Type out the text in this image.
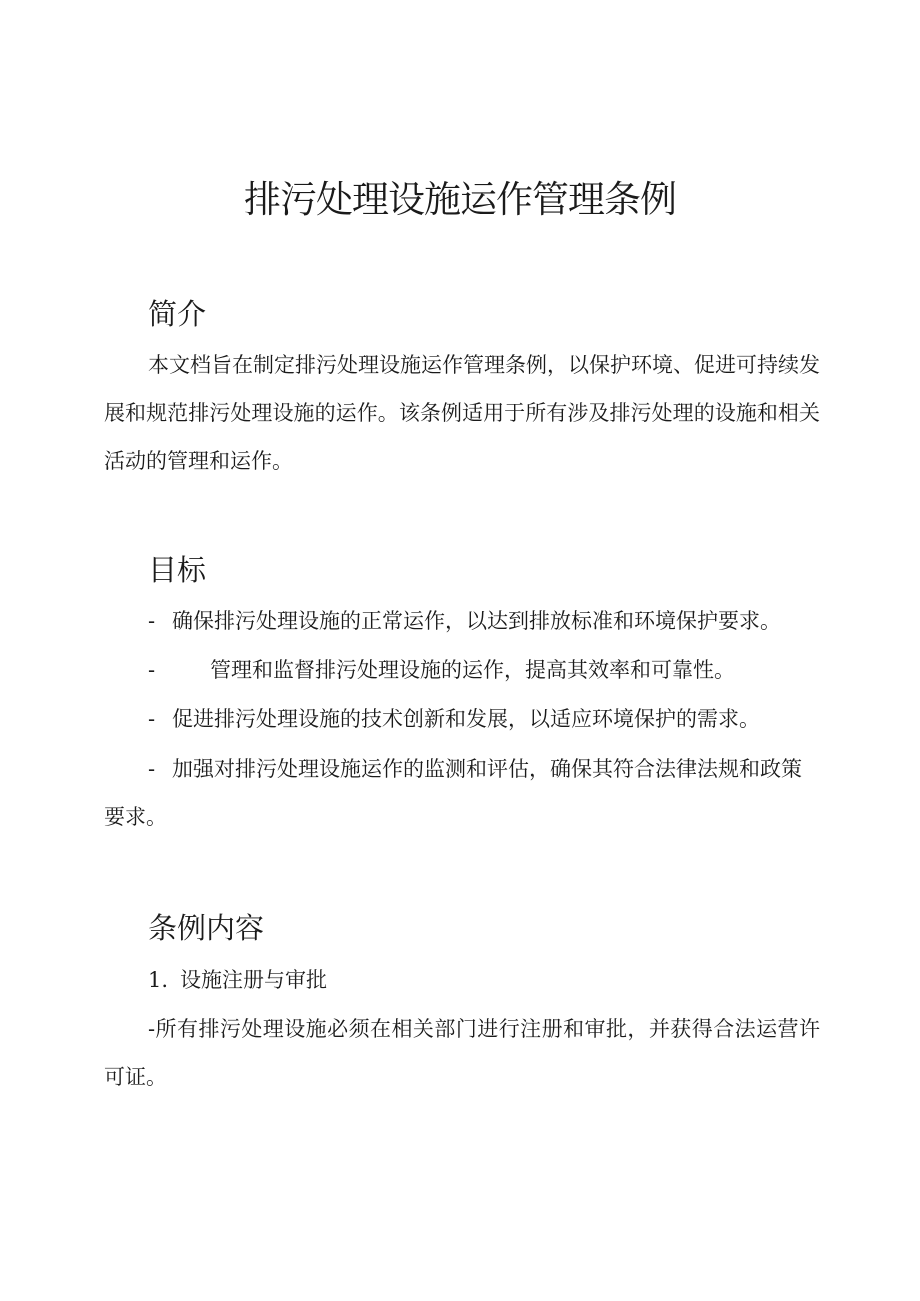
排污处理设施运作管理条例
简介

本文档旨在制定排污处理设施运作管理条例，以保护环境、促进可持续发展和规范排污处理设施的运作。该条例适用于所有涉及排污处理的设施和相关活动的管理和运作。

目标

- 确保排污处理设施的正常运作，以达到排放标准和环境保护要求。

-	管理和监督排污处理设施的运作，提高其效率和可靠性。

- 促进排污处理设施的技术创新和发展，以适应环境保护的需求。

- 加强对排污处理设施运作的监测和评估，确保其符合法律法规和政策要求。

条例内容

1. 设施注册与审批

-所有排污处理设施必须在相关部门进行注册和审批，并获得合法运营许可证。
